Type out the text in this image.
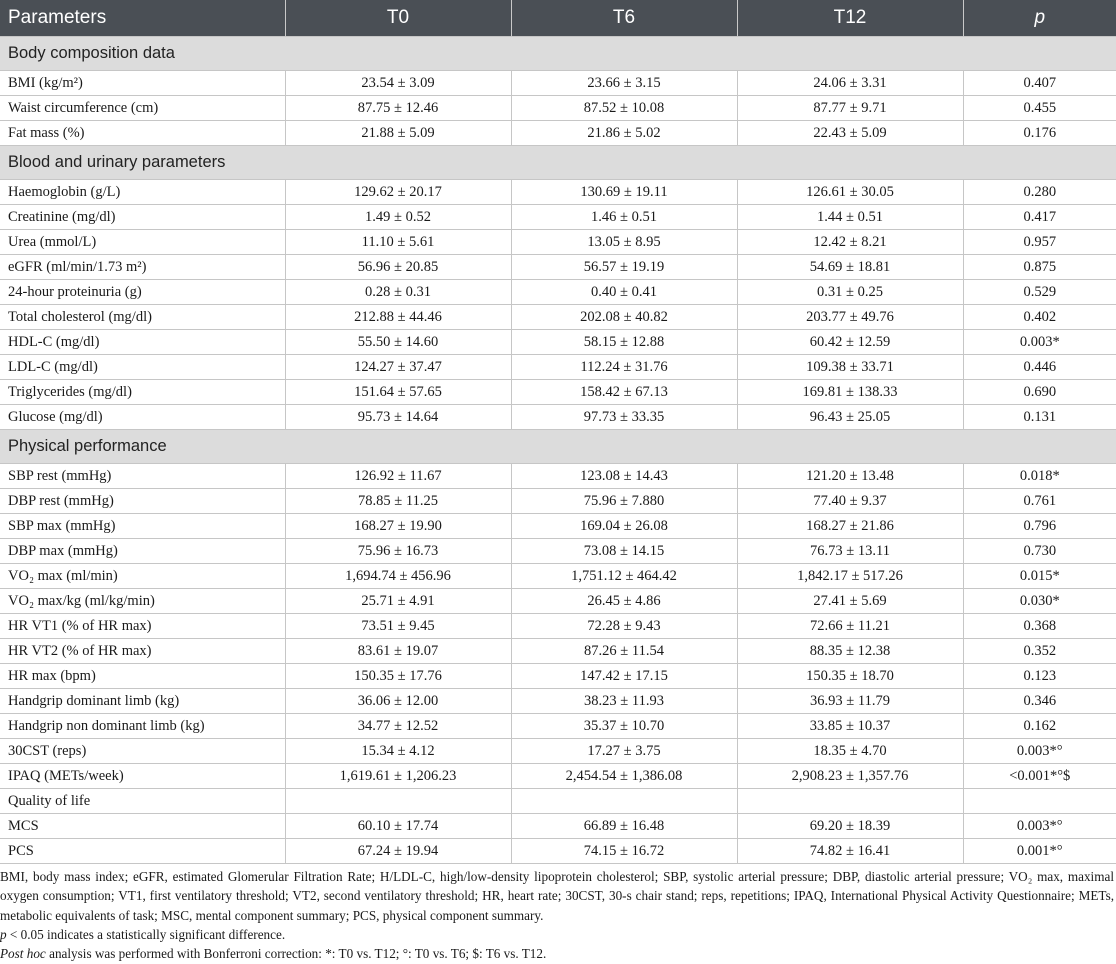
Parameters	T0	T6	T12	p
Body composition data				
BMI (kg/m²)	23.54 ± 3.09	23.66 ± 3.15	24.06 ± 3.31	0.407
Waist circumference (cm)	87.75 ± 12.46	87.52 ± 10.08	87.77 ± 9.71	0.455
Fat mass (%)	21.88 ± 5.09	21.86 ± 5.02	22.43 ± 5.09	0.176
Blood and urinary parameters				
Haemoglobin (g/L)	129.62 ± 20.17	130.69 ± 19.11	126.61 ± 30.05	0.280
Creatinine (mg/dl)	1.49 ± 0.52	1.46 ± 0.51	1.44 ± 0.51	0.417
Urea (mmol/L)	11.10 ± 5.61	13.05 ± 8.95	12.42 ± 8.21	0.957
eGFR (ml/min/1.73 m²)	56.96 ± 20.85	56.57 ± 19.19	54.69 ± 18.81	0.875
24-hour proteinuria (g)	0.28 ± 0.31	0.40 ± 0.41	0.31 ± 0.25	0.529
Total cholesterol (mg/dl)	212.88 ± 44.46	202.08 ± 40.82	203.77 ± 49.76	0.402
HDL-C (mg/dl)	55.50 ± 14.60	58.15 ± 12.88	60.42 ± 12.59	0.003*
LDL-C (mg/dl)	124.27 ± 37.47	112.24 ± 31.76	109.38 ± 33.71	0.446
Triglycerides (mg/dl)	151.64 ± 57.65	158.42 ± 67.13	169.81 ± 138.33	0.690
Glucose (mg/dl)	95.73 ± 14.64	97.73 ± 33.35	96.43 ± 25.05	0.131
Physical performance				
SBP rest (mmHg)	126.92 ± 11.67	123.08 ± 14.43	121.20 ± 13.48	0.018*
DBP rest (mmHg)	78.85 ± 11.25	75.96 ± 7.880	77.40 ± 9.37	0.761
SBP max (mmHg)	168.27 ± 19.90	169.04 ± 26.08	168.27 ± 21.86	0.796
DBP max (mmHg)	75.96 ± 16.73	73.08 ± 14.15	76.73 ± 13.11	0.730
VO₂ max (ml/min)	1,694.74 ± 456.96	1,751.12 ± 464.42	1,842.17 ± 517.26	0.015*
VO₂ max/kg (ml/kg/min)	25.71 ± 4.91	26.45 ± 4.86	27.41 ± 5.69	0.030*
HR VT1 (% of HR max)	73.51 ± 9.45	72.28 ± 9.43	72.66 ± 11.21	0.368
HR VT2 (% of HR max)	83.61 ± 19.07	87.26 ± 11.54	88.35 ± 12.38	0.352
HR max (bpm)	150.35 ± 17.76	147.42 ± 17.15	150.35 ± 18.70	0.123
Handgrip dominant limb (kg)	36.06 ± 12.00	38.23 ± 11.93	36.93 ± 11.79	0.346
Handgrip non dominant limb (kg)	34.77 ± 12.52	35.37 ± 10.70	33.85 ± 10.37	0.162
30CST (reps)	15.34 ± 4.12	17.27 ± 3.75	18.35 ± 4.70	0.003*°
IPAQ (METs/week)	1,619.61 ± 1,206.23	2,454.54 ± 1,386.08	2,908.23 ± 1,357.76	<0.001*°$
Quality of life				
MCS	60.10 ± 17.74	66.89 ± 16.48	69.20 ± 18.39	0.003*°
PCS	67.24 ± 19.94	74.15 ± 16.72	74.82 ± 16.41	0.001*°

BMI, body mass index; eGFR, estimated Glomerular Filtration Rate; H/LDL-C, high/low-density lipoprotein cholesterol; SBP, systolic arterial pressure; DBP, diastolic arterial pressure; VO₂ max, maximal oxygen consumption; VT1, first ventilatory threshold; VT2, second ventilatory threshold; HR, heart rate; 30CST, 30-s chair stand; reps, repetitions; IPAQ, International Physical Activity Questionnaire; METs, metabolic equivalents of task; MSC, mental component summary; PCS, physical component summary.

p < 0.05 indicates a statistically significant difference.

Post hoc analysis was performed with Bonferroni correction: *: T0 vs. T12; °: T0 vs. T6; $: T6 vs. T12.
